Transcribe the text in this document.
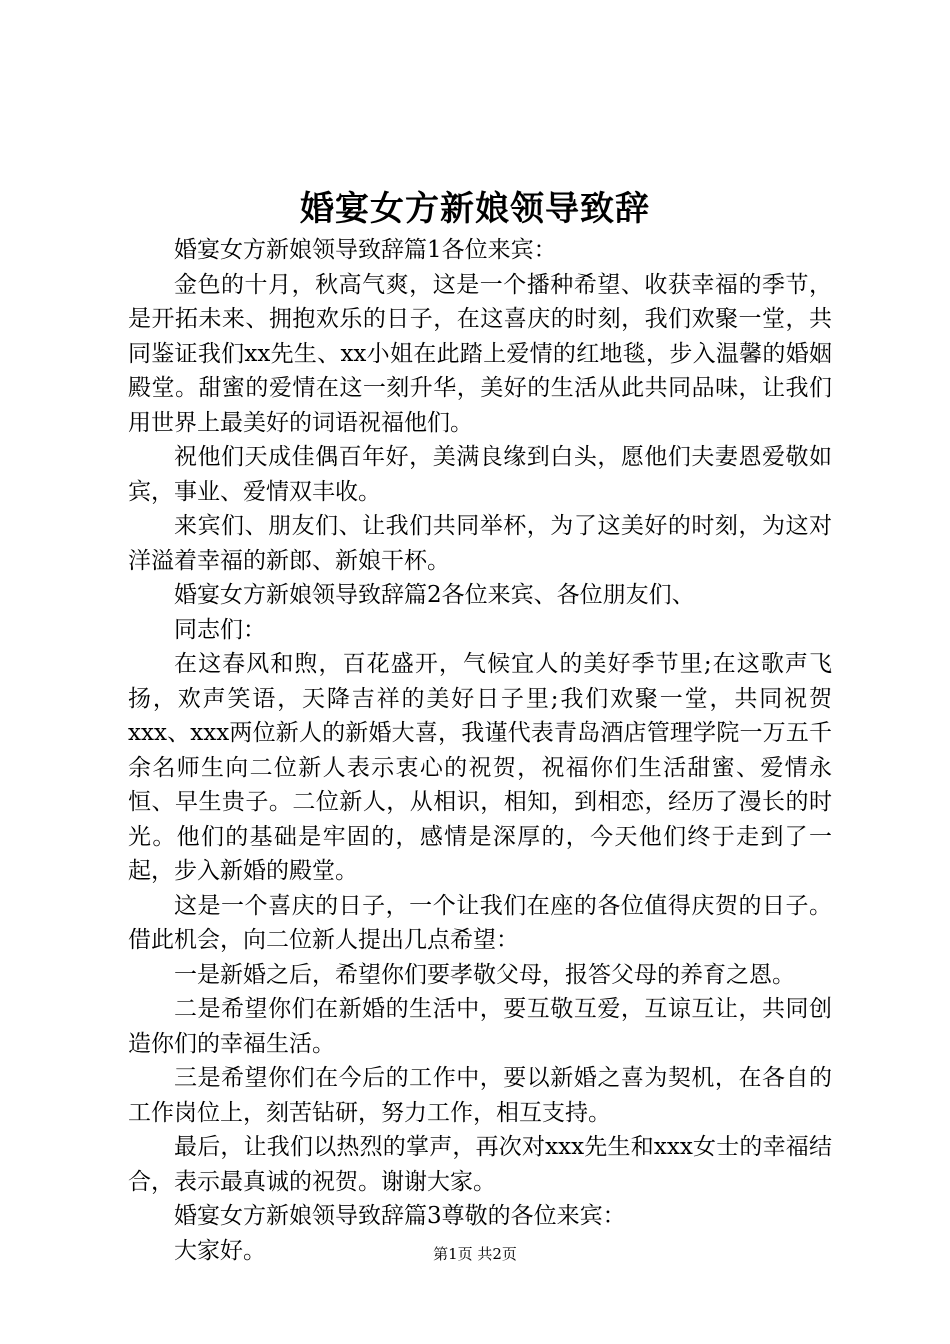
婚宴女方新娘领导致辞

婚宴女方新娘领导致辞篇1各位来宾：

金色的十月，秋高气爽，这是一个播种希望、收获幸福的季节，是开拓未来、拥抱欢乐的日子，在这喜庆的时刻，我们欢聚一堂，共同鉴证我们xx先生、xx小姐在此踏上爱情的红地毯，步入温馨的婚姻殿堂。甜蜜的爱情在这一刻升华，美好的生活从此共同品味，让我们用世界上最美好的词语祝福他们。

祝他们天成佳偶百年好，美满良缘到白头，愿他们夫妻恩爱敬如宾，事业、爱情双丰收。

来宾们、朋友们、让我们共同举杯，为了这美好的时刻，为这对洋溢着幸福的新郎、新娘干杯。

婚宴女方新娘领导致辞篇2各位来宾、各位朋友们、

同志们：

在这春风和煦，百花盛开，气候宜人的美好季节里;在这歌声飞扬，欢声笑语，天降吉祥的美好日子里;我们欢聚一堂，共同祝贺xxx、xxx两位新人的新婚大喜，我谨代表青岛酒店管理学院一万五千余名师生向二位新人表示衷心的祝贺，祝福你们生活甜蜜、爱情永恒、早生贵子。二位新人，从相识，相知，到相恋，经历了漫长的时光。他们的基础是牢固的，感情是深厚的，今天他们终于走到了一起，步入新婚的殿堂。

这是一个喜庆的日子，一个让我们在座的各位值得庆贺的日子。借此机会，向二位新人提出几点希望：

一是新婚之后，希望你们要孝敬父母，报答父母的养育之恩。

二是希望你们在新婚的生活中，要互敬互爱，互谅互让，共同创造你们的幸福生活。

三是希望你们在今后的工作中，要以新婚之喜为契机，在各自的工作岗位上，刻苦钻研，努力工作，相互支持。

最后，让我们以热烈的掌声，再次对xxx先生和xxx女士的幸福结合，表示最真诚的祝贺。谢谢大家。

婚宴女方新娘领导致辞篇3尊敬的各位来宾：

大家好。	第1页 共2页
